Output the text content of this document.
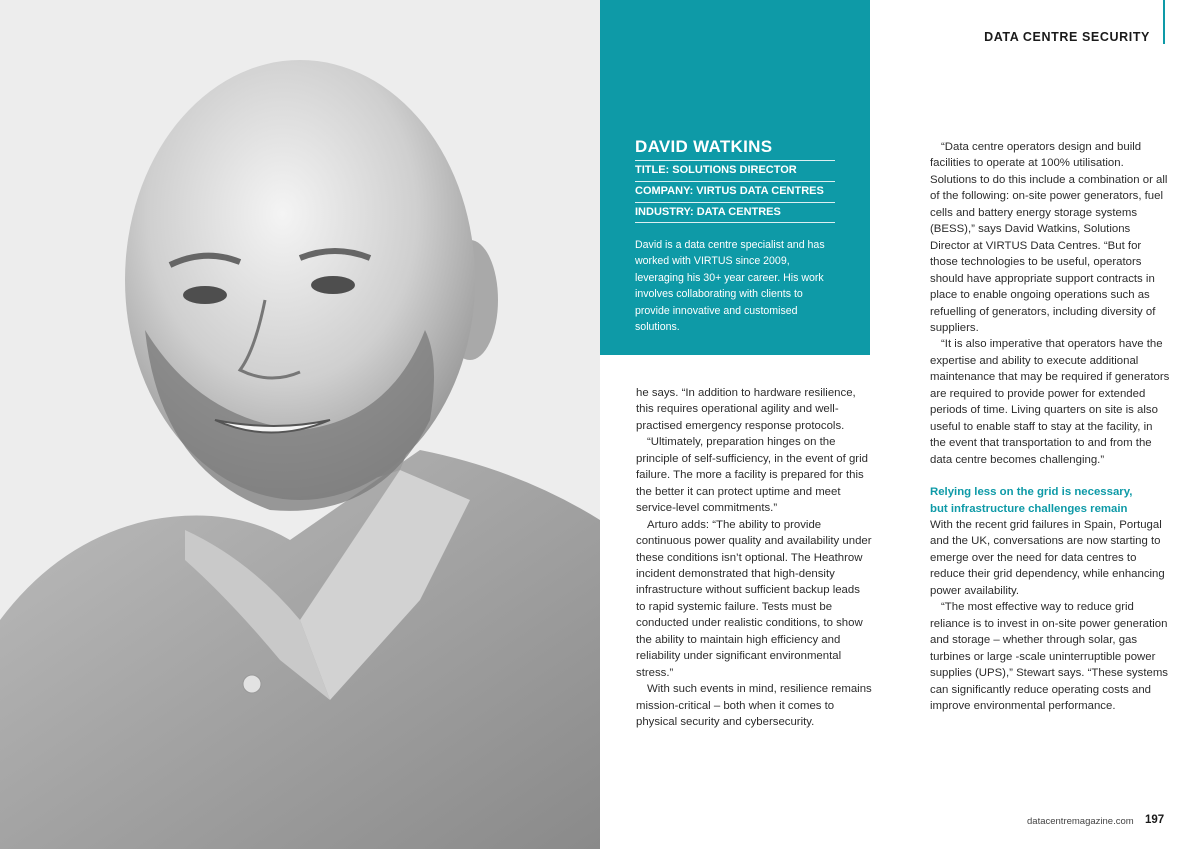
DAVID WATKINS
TITLE: SOLUTIONS DIRECTOR
COMPANY: VIRTUS DATA CENTRES
INDUSTRY: DATA CENTRES
David is a data centre specialist and has worked with VIRTUS since 2009, leveraging his 30+ year career. His work involves collaborating with clients to provide innovative and customised solutions.
DATA CENTRE SECURITY

he says. “In addition to hardware resilience, this requires operational agility and well-practised emergency response protocols.

“Ultimately, preparation hinges on the principle of self-sufficiency, in the event of grid failure. The more a facility is prepared for this the better it can protect uptime and meet service-level commitments.”

Arturo adds: “The ability to provide continuous power quality and availability under these conditions isn’t optional. The Heathrow incident demonstrated that high-density infrastructure without sufficient backup leads to rapid systemic failure. Tests must be conducted under realistic conditions, to show the ability to maintain high efficiency and reliability under significant environmental stress.”

With such events in mind, resilience remains mission-critical – both when it comes to physical security and cybersecurity.

“Data centre operators design and build facilities to operate at 100% utilisation. Solutions to do this include a combination or all of the following: on-site power generators, fuel cells and battery energy storage systems (BESS),” says David Watkins, Solutions Director at VIRTUS Data Centres. “But for those technologies to be useful, operators should have appropriate support contracts in place to enable ongoing operations such as refuelling of generators, including diversity of suppliers.

“It is also imperative that operators have the expertise and ability to execute additional maintenance that may be required if generators are required to provide power for extended periods of time. Living quarters on site is also useful to enable staff to stay at the facility, in the event that transportation to and from the data centre becomes challenging.”

Relying less on the grid is necessary,
but infrastructure challenges remain

With the recent grid failures in Spain, Portugal and the UK, conversations are now starting to emerge over the need for data centres to reduce their grid dependency, while enhancing power availability.

“The most effective way to reduce grid reliance is to invest in on-site power generation and storage – whether through solar, gas turbines or large -scale uninterruptible power supplies (UPS),” Stewart says. “These systems can significantly reduce operating costs and improve environmental performance.

datacentremagazine.com 197
